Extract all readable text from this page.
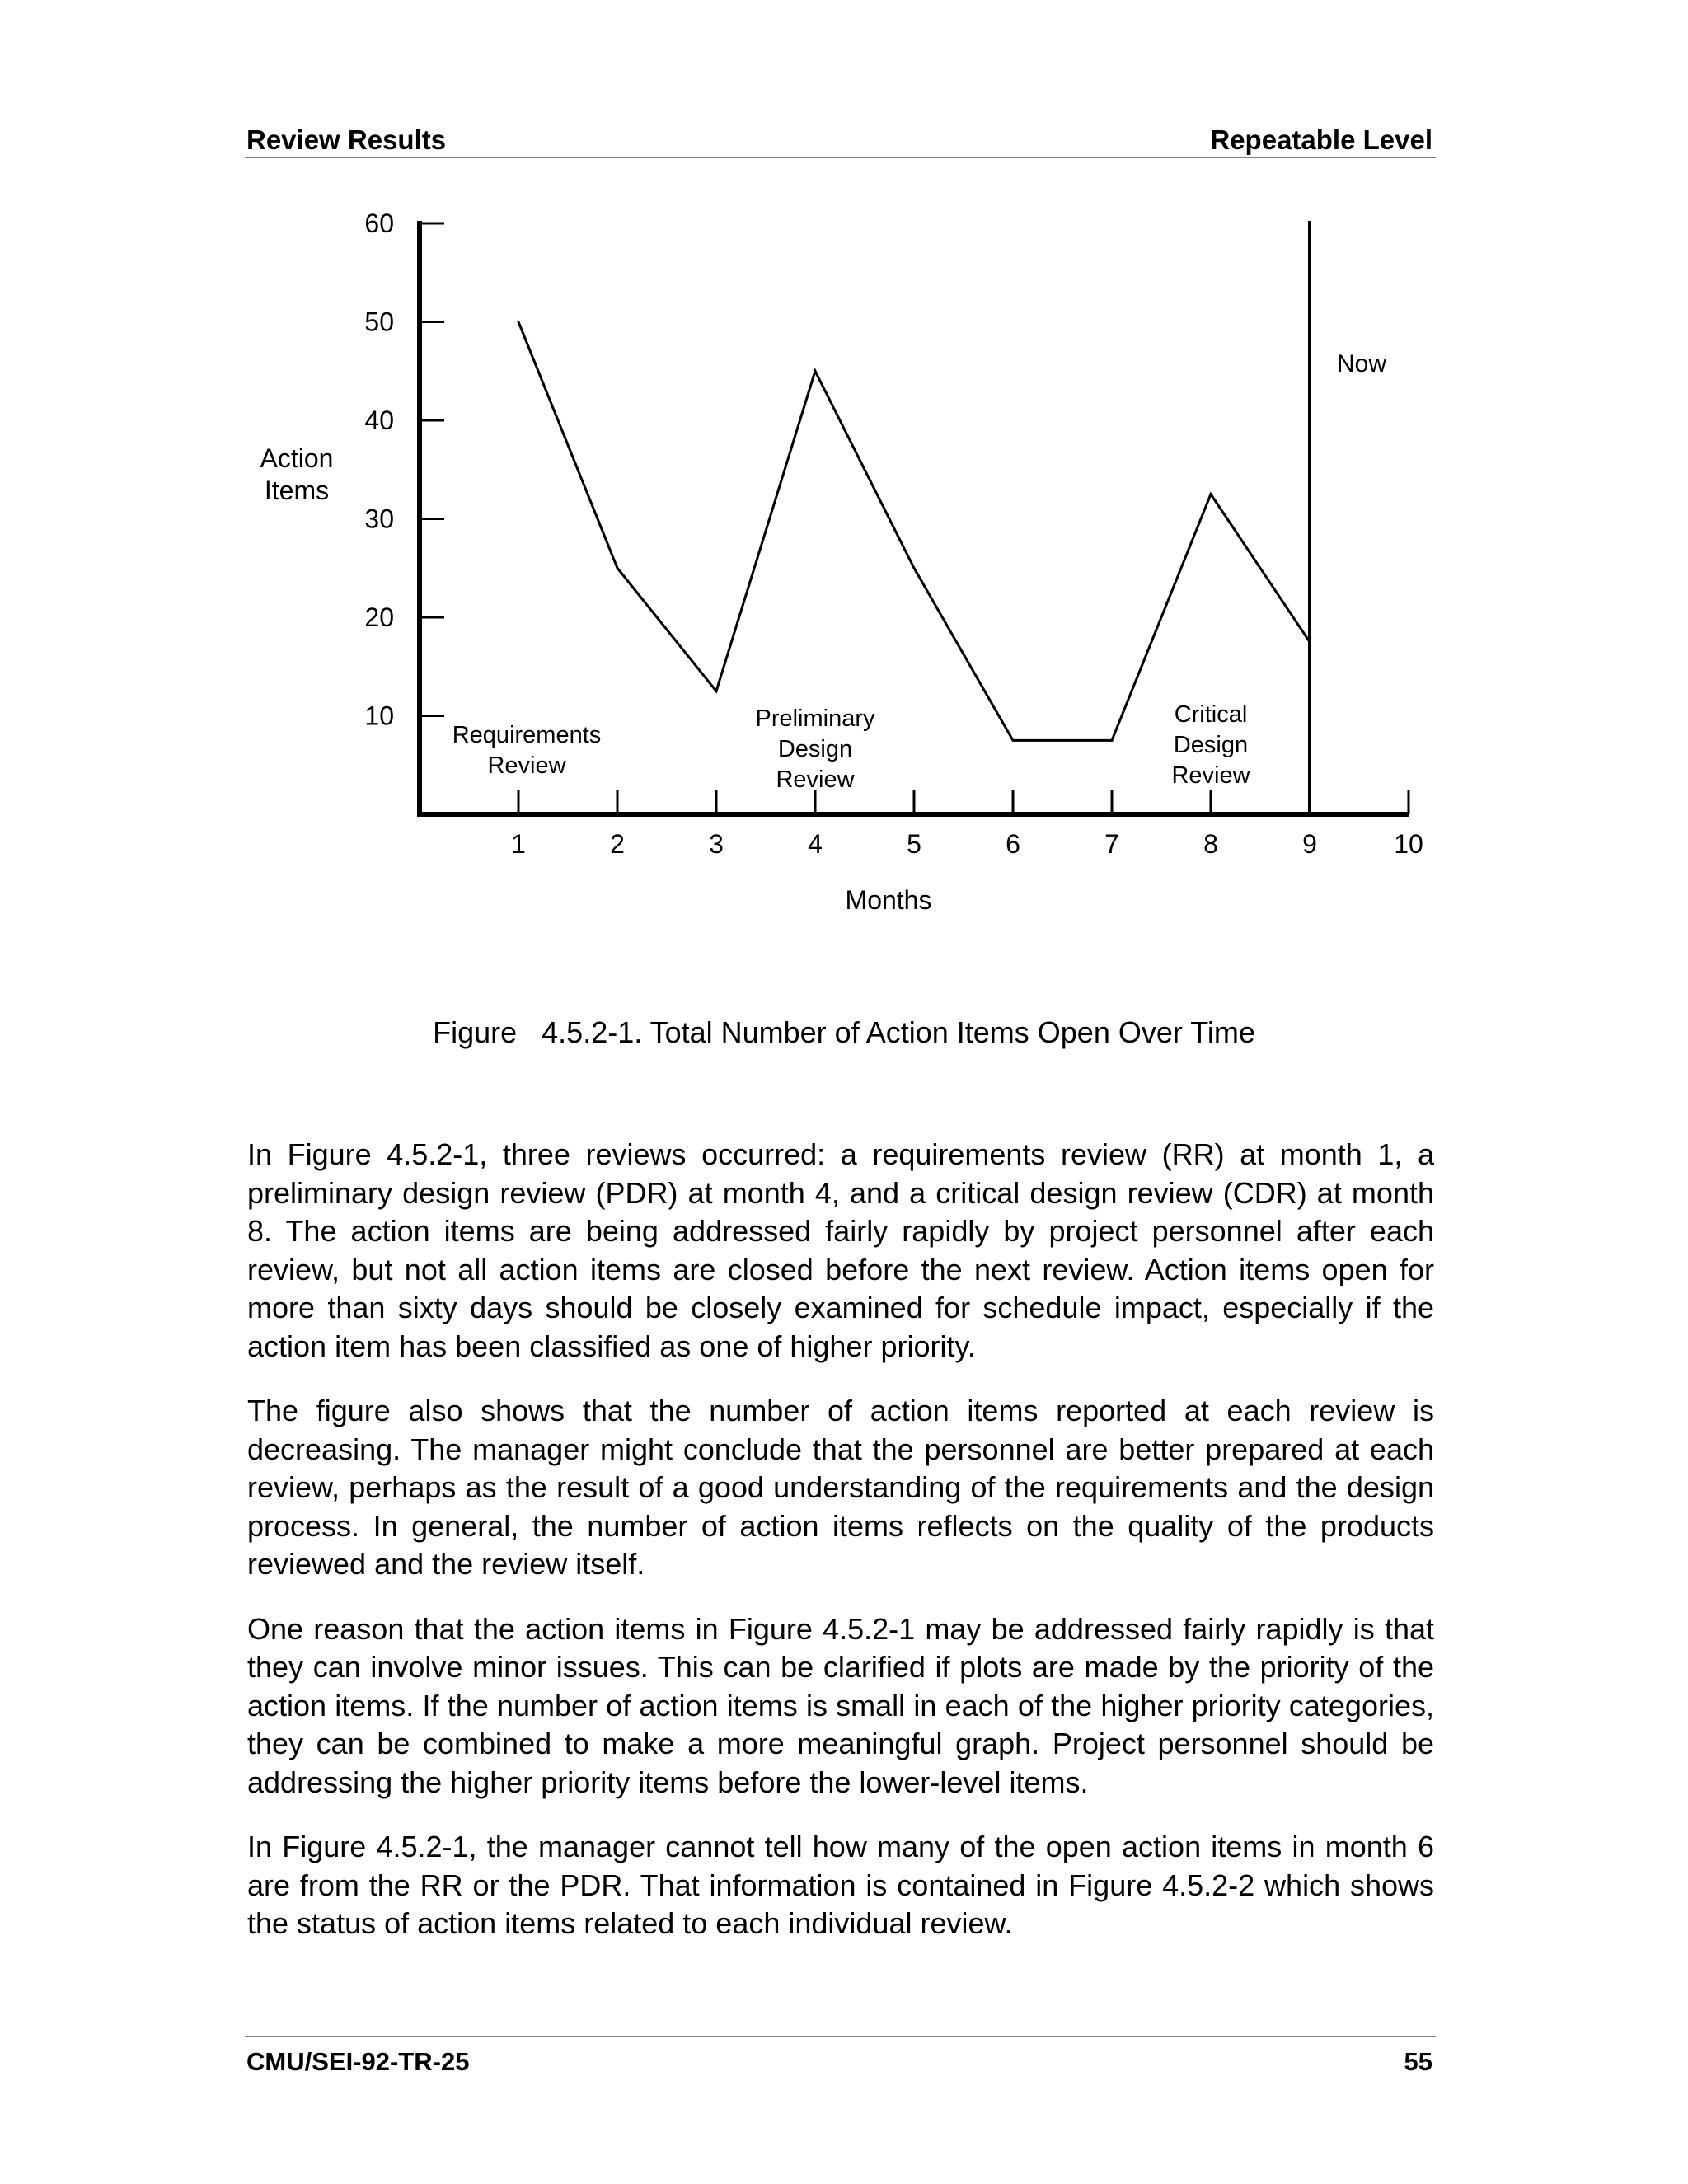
Review Results	Repeatable Level
10
20
30
40
50
60
1	2	3	4	5	6	7	8	9	10
Now
Requirements
Review
Preliminary
Design
Review
Critical
Design
Review
Action
Items
Months
Figure   4.5.2-1. Total Number of Action Items Open Over Time

In Figure 4.5.2-1, three reviews occurred: a requirements review (RR) at month 1, a preliminary design review (PDR) at month 4, and a critical design review (CDR) at month 8. The action items are being addressed fairly rapidly by project personnel after each review, but not all action items are closed before the next review. Action items open for more than sixty days should be closely examined for schedule impact, especially if the action item has been classified as one of higher priority.

The figure also shows that the number of action items reported at each review is decreasing. The manager might conclude that the personnel are better prepared at each review, perhaps as the result of a good understanding of the requirements and the design process. In general, the number of action items reflects on the quality of the products reviewed and the review itself.

One reason that the action items in Figure 4.5.2-1 may be addressed fairly rapidly is that they can involve minor issues. This can be clarified if plots are made by the priority of the action items. If the number of action items is small in each of the higher priority categories, they can be combined to make a more meaningful graph. Project personnel should be addressing the higher priority items before the lower-level items.

In Figure 4.5.2-1, the manager cannot tell how many of the open action items in month 6 are from the RR or the PDR. That information is contained in Figure 4.5.2-2 which shows the status of action items related to each individual review.

CMU/SEI-92-TR-25	55
